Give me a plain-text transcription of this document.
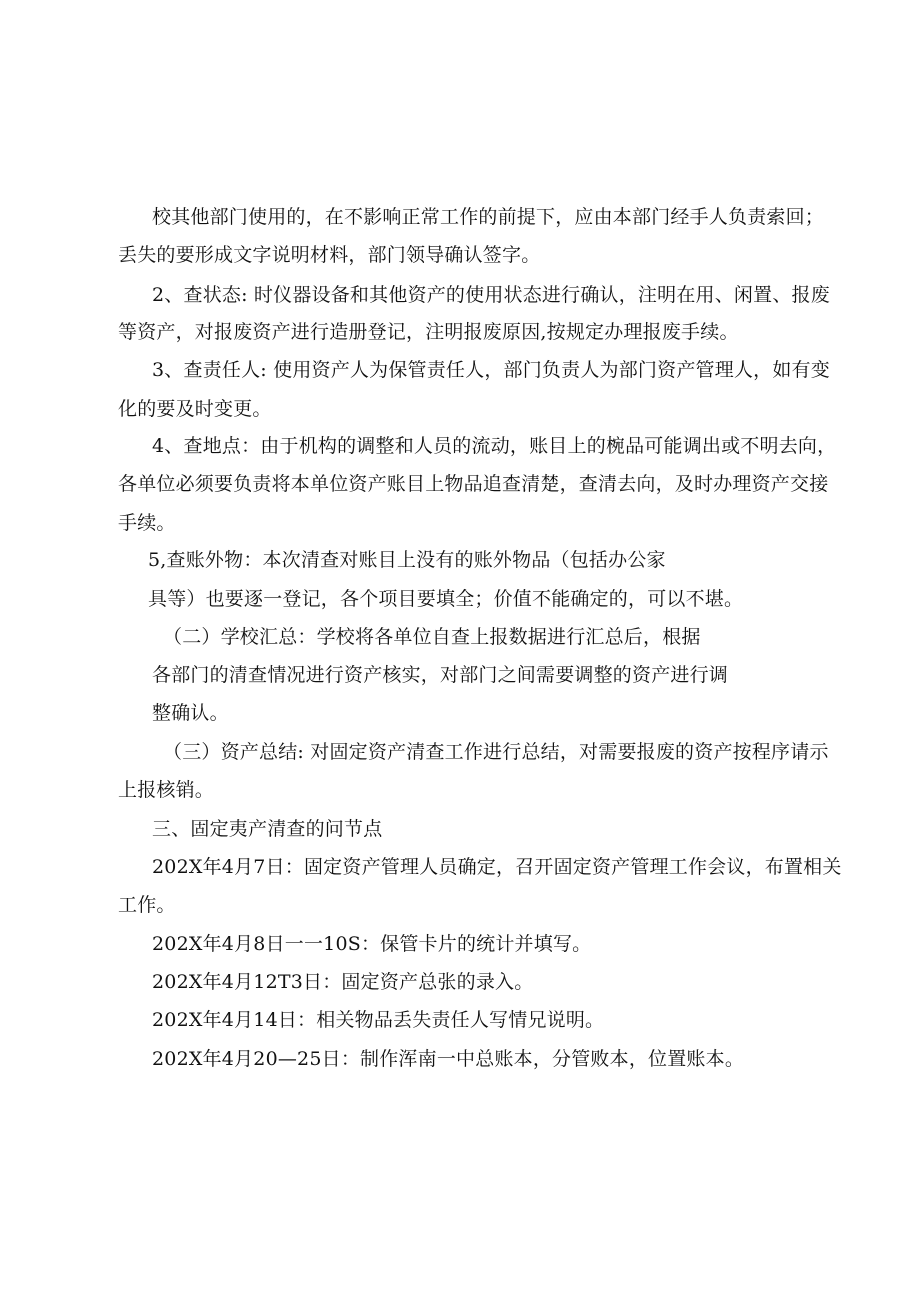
校其他部门使用的，在不影响正常工作的前提下，应由本部门经手人负责索回；
丢失的要形成文字说明材料，部门领导确认签字。
2、查状态: 时仪器设备和其他资产的使用状态进行确认，注明在用、闲置、报废
等资产，对报废资产进行造册登记，注明报废原因,按规定办理报废手续。
3、查责任人: 使用资产人为保管责任人，部门负责人为部门资产管理人，如有变
化的要及时变更。
4、查地点：由于机构的调整和人员的流动，账目上的椀品可能调出或不明去向，
各单位必须要负责将本单位资产账目上物品追查清楚，查清去向，及时办理资产交接
手续。
5,查账外物：本次清查对账目上没有的账外物品（包括办公家
具等）也要逐一登记，各个项目要填全；价值不能确定的，可以不堪。
（二）学校汇总：学校将各单位自查上报数据进行汇总后，根据
各部门的清查情况进行资产核实，对部门之间需要调整的资产进行调
整确认。
（三）资产总结: 对固定资产清查工作进行总结，对需要报废的资产按程序请示
上报核销。
三、固定夷产清查的问节点
202X年4月7日：固定资产管理人员确定，召开固定资产管理工作会议，布置相关
工作。
202X年4月8日一一10S：保管卡片的统计并填写。
202X年4月12T3日：固定资产总张的录入。
202X年4月14日：相关物品丢失责任人写情兄说明。
202X年4月20—25日：制作浑南一中总账本，分管败本，位置账本。
